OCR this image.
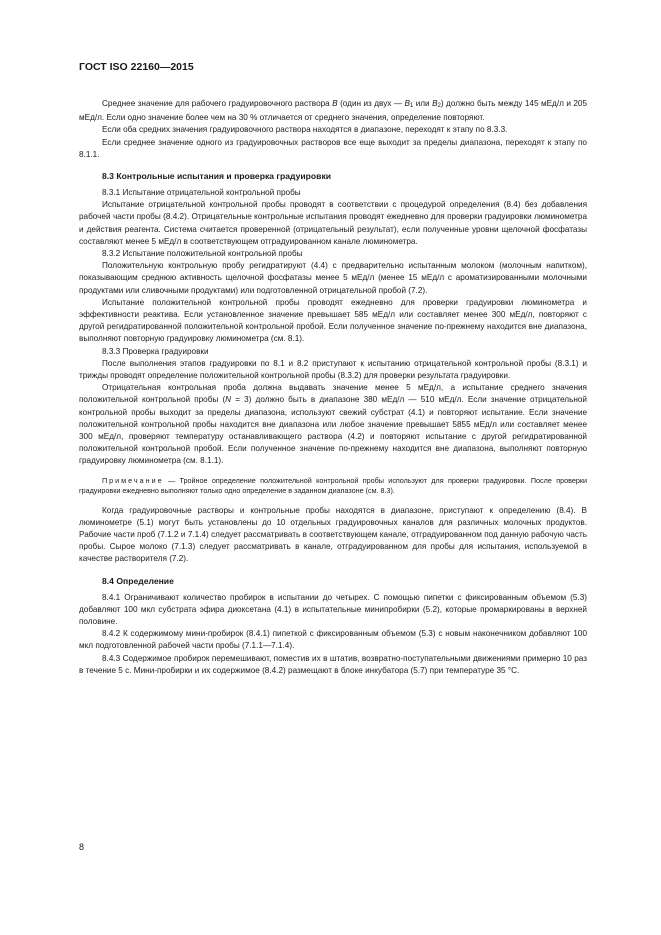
ГОСТ ISO 22160—2015

Среднее значение для рабочего градуировочного раствора B (один из двух — B1 или B2) должно быть между 145 мЕд/л и 205 мЕд/л. Если одно значение более чем на 30 % отличается от среднего значения, определение повторяют.

Если оба средних значения градуировочного раствора находятся в диапазоне, переходят к этапу по 8.3.3.

Если среднее значение одного из градуировочных растворов все еще выходит за пределы диапазона, переходят к этапу по 8.1.1.

8.3 Контрольные испытания и проверка градуировки

8.3.1 Испытание отрицательной контрольной пробы

Испытание отрицательной контрольной пробы проводят в соответствии с процедурой определения (8.4) без добавления рабочей части пробы (8.4.2). Отрицательные контрольные испытания проводят ежедневно для проверки градуировки люминометра и действия реагента. Система считается проверенной (отрицательный результат), если полученные уровни щелочной фосфатазы составляют менее 5 мЕд/л в соответствующем отградуированном канале люминометра.

8.3.2 Испытание положительной контрольной пробы

Положительную контрольную пробу регидратируют (4.4) с предварительно испытанным молоком (молочным напитком), показывающим среднюю активность щелочной фосфатазы менее 5 мЕд/л (менее 15 мЕд/л с ароматизированными молочными продуктами или сливочными продуктами) или подготовленной отрицательной пробой (7.2).

Испытание положительной контрольной пробы проводят ежедневно для проверки градуировки люминометра и эффективности реактива. Если установленное значение превышает 585 мЕд/л или составляет менее 300 мЕд/л, повторяют с другой регидратированной положительной контрольной пробой. Если полученное значение по-прежнему находится вне диапазона, выполняют повторную градуировку люминометра (см. 8.1).

8.3.3 Проверка градуировки

После выполнения этапов градуировки по 8.1 и 8.2 приступают к испытанию отрицательной контрольной пробы (8.3.1) и трижды проводят определение положительной контрольной пробы (8.3.2) для проверки результата градуировки.

Отрицательная контрольная проба должна выдавать значение менее 5 мЕд/л, а испытание среднего значения положительной контрольной пробы (N = 3) должно быть в диапазоне 380 мЕд/л — 510 мЕд/л. Если значение отрицательной контрольной пробы выходит за пределы диапазона, используют свежий субстрат (4.1) и повторяют испытание. Если значение положительной контрольной пробы находится вне диапазона или любое значение превышает 5855 мЕд/л или составляет менее 300 мЕд/л, проверяют температуру останавливающего раствора (4.2) и повторяют испытание с другой регидратированной положительной контрольной пробой. Если полученное значение по-прежнему находится вне диапазона, выполняют повторную градуировку люминометра (см. 8.1.1).

Примечание — Тройное определение положительной контрольной пробы используют для проверки градуировки. После проверки градуировки ежедневно выполняют только одно определение в заданном диапазоне (см. 8.3).

Когда градуировочные растворы и контрольные пробы находятся в диапазоне, приступают к определению (8.4). В люминометре (5.1) могут быть установлены до 10 отдельных градуировочных каналов для различных молочных продуктов. Рабочие части проб (7.1.2 и 7.1.4) следует рассматривать в соответствующем канале, отградуированном под данную рабочую часть пробы. Сырое молоко (7.1.3) следует рассматривать в канале, отградуированном для пробы для испытания, используемой в качестве растворителя (7.2).

8.4 Определение

8.4.1 Ограничивают количество пробирок в испытании до четырех. С помощью пипетки с фиксированным объемом (5.3) добавляют 100 мкл субстрата эфира диоксетана (4.1) в испытательные минипробирки (5.2), которые промаркированы в верхней половине.

8.4.2 К содержимому мини-пробирок (8.4.1) пипеткой с фиксированным объемом (5.3) с новым наконечником добавляют 100 мкл подготовленной рабочей части пробы (7.1.1—7.1.4).

8.4.3 Содержимое пробирок перемешивают, поместив их в штатив, возвратно-поступательными движениями примерно 10 раз в течение 5 с. Мини-пробирки и их содержимое (8.4.2) размещают в блоке инкубатора (5.7) при температуре 35 °С.

8
